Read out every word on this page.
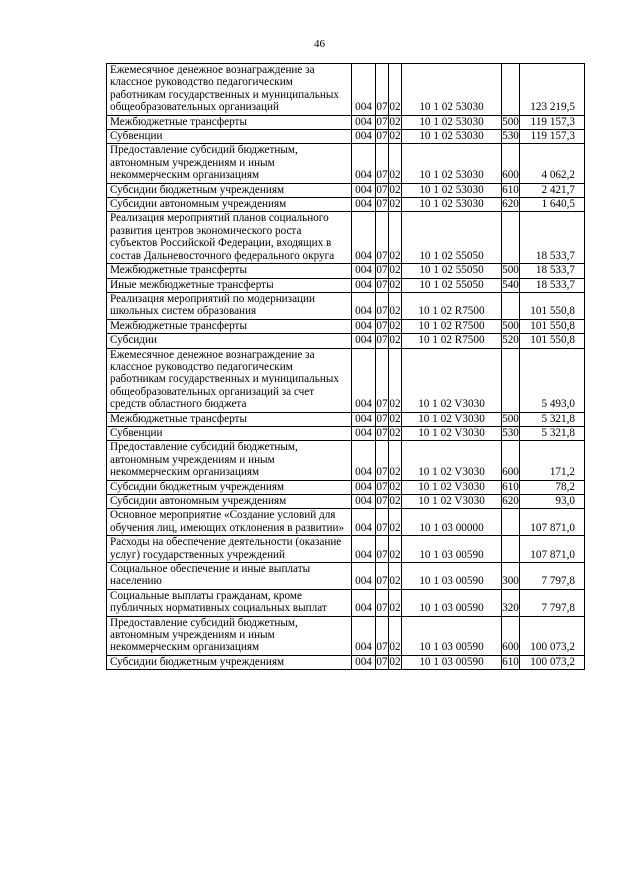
46
Ежемесячное денежное вознаграждение за классное руководство педагогическим работникам государственных и муниципальных общеобразовательных организаций	004	07	02	10 1 02 53030		123 219,5
Межбюджетные трансферты	004	07	02	10 1 02 53030	500	119 157,3
Субвенции	004	07	02	10 1 02 53030	530	119 157,3
Предоставление субсидий бюджетным, автономным учреждениям и иным некоммерческим организациям	004	07	02	10 1 02 53030	600	4 062,2
Субсидии бюджетным учреждениям	004	07	02	10 1 02 53030	610	2 421,7
Субсидии автономным учреждениям	004	07	02	10 1 02 53030	620	1 640,5
Реализация мероприятий планов социального развития центров экономического роста субъектов Российской Федерации, входящих в состав Дальневосточного федерального округа	004	07	02	10 1 02 55050		18 533,7
Межбюджетные трансферты	004	07	02	10 1 02 55050	500	18 533,7
Иные межбюджетные трансферты	004	07	02	10 1 02 55050	540	18 533,7
Реализация мероприятий по модернизации школьных систем образования	004	07	02	10 1 02 R7500		101 550,8
Межбюджетные трансферты	004	07	02	10 1 02 R7500	500	101 550,8
Субсидии	004	07	02	10 1 02 R7500	520	101 550,8
Ежемесячное денежное вознаграждение за классное руководство педагогическим работникам государственных и муниципальных общеобразовательных организаций за счет средств областного бюджета	004	07	02	10 1 02 V3030		5 493,0
Межбюджетные трансферты	004	07	02	10 1 02 V3030	500	5 321,8
Субвенции	004	07	02	10 1 02 V3030	530	5 321,8
Предоставление субсидий бюджетным, автономным учреждениям и иным некоммерческим организациям	004	07	02	10 1 02 V3030	600	171,2
Субсидии бюджетным учреждениям	004	07	02	10 1 02 V3030	610	78,2
Субсидии автономным учреждениям	004	07	02	10 1 02 V3030	620	93,0
Основное мероприятие «Создание условий для обучения лиц, имеющих отклонения в развитии»	004	07	02	10 1 03 00000		107 871,0
Расходы на обеспечение деятельности (оказание услуг) государственных учреждений	004	07	02	10 1 03 00590		107 871,0
Социальное обеспечение и иные выплаты населению	004	07	02	10 1 03 00590	300	7 797,8
Социальные выплаты гражданам, кроме публичных нормативных социальных выплат	004	07	02	10 1 03 00590	320	7 797,8
Предоставление субсидий бюджетным, автономным учреждениям и иным некоммерческим организациям	004	07	02	10 1 03 00590	600	100 073,2
Субсидии бюджетным учреждениям	004	07	02	10 1 03 00590	610	100 073,2
